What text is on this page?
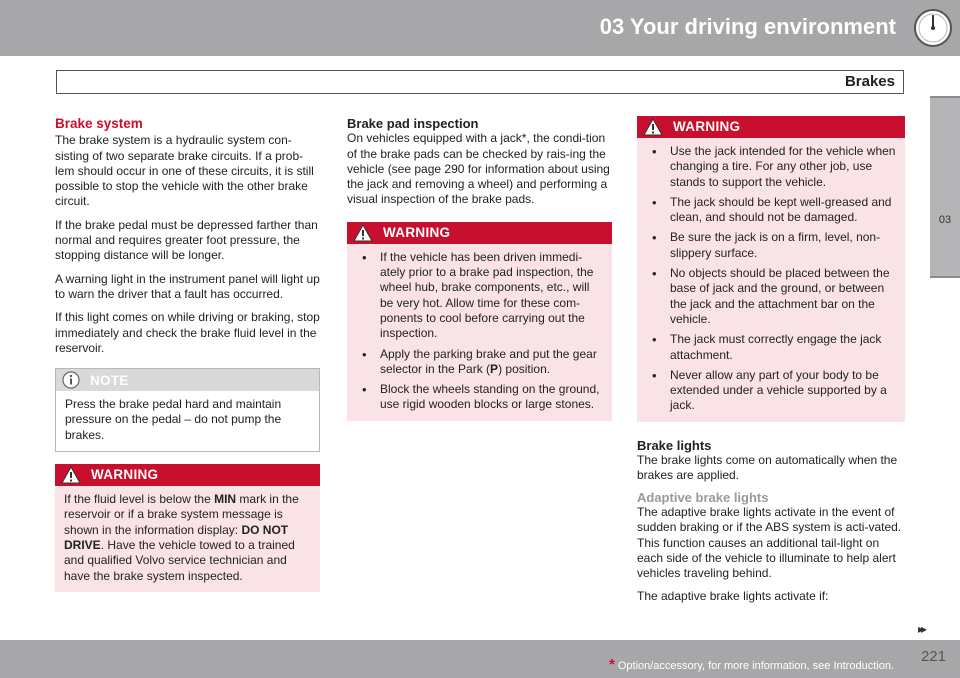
03 Your driving environment
Brakes
03
Brake system

The brake system is a hydraulic system con-sisting of two separate brake circuits. If a prob-lem should occur in one of these circuits, it is still possible to stop the vehicle with the other brake circuit.

If the brake pedal must be depressed farther than normal and requires greater foot pressure, the stopping distance will be longer.

A warning light in the instrument panel will light up to warn the driver that a fault has occurred.

If this light comes on while driving or braking, stop immediately and check the brake fluid level in the reservoir.

NOTE

Press the brake pedal hard and maintain pressure on the pedal – do not pump the brakes.

WARNING

If the fluid level is below the MIN mark in the reservoir or if a brake system message is shown in the information display: DO NOT DRIVE. Have the vehicle towed to a trained and qualified Volvo service technician and have the brake system inspected.

Brake pad inspection

On vehicles equipped with a jack*, the condi-tion of the brake pads can be checked by rais-ing the vehicle (see page 290 for information about using the jack and removing a wheel) and performing a visual inspection of the brake pads.

WARNING
• If the vehicle has been driven immedi-ately prior to a brake pad inspection, the wheel hub, brake components, etc., will be very hot. Allow time for these com-ponents to cool before carrying out the inspection.
• Apply the parking brake and put the gear selector in the Park (P) position.
• Block the wheels standing on the ground, use rigid wooden blocks or large stones.
WARNING
• Use the jack intended for the vehicle when changing a tire. For any other job, use stands to support the vehicle.
• The jack should be kept well-greased and clean, and should not be damaged.
• Be sure the jack is on a firm, level, non-slippery surface.
• No objects should be placed between the base of jack and the ground, or between the jack and the attachment bar on the vehicle.
• The jack must correctly engage the jack attachment.
• Never allow any part of your body to be extended under a vehicle supported by a jack.
Brake lights

The brake lights come on automatically when the brakes are applied.

Adaptive brake lights

The adaptive brake lights activate in the event of sudden braking or if the ABS system is acti-vated. This function causes an additional tail-light on each side of the vehicle to illuminate to help alert vehicles traveling behind.

The adaptive brake lights activate if:

▸▸
* Option/accessory, for more information, see Introduction.
221
